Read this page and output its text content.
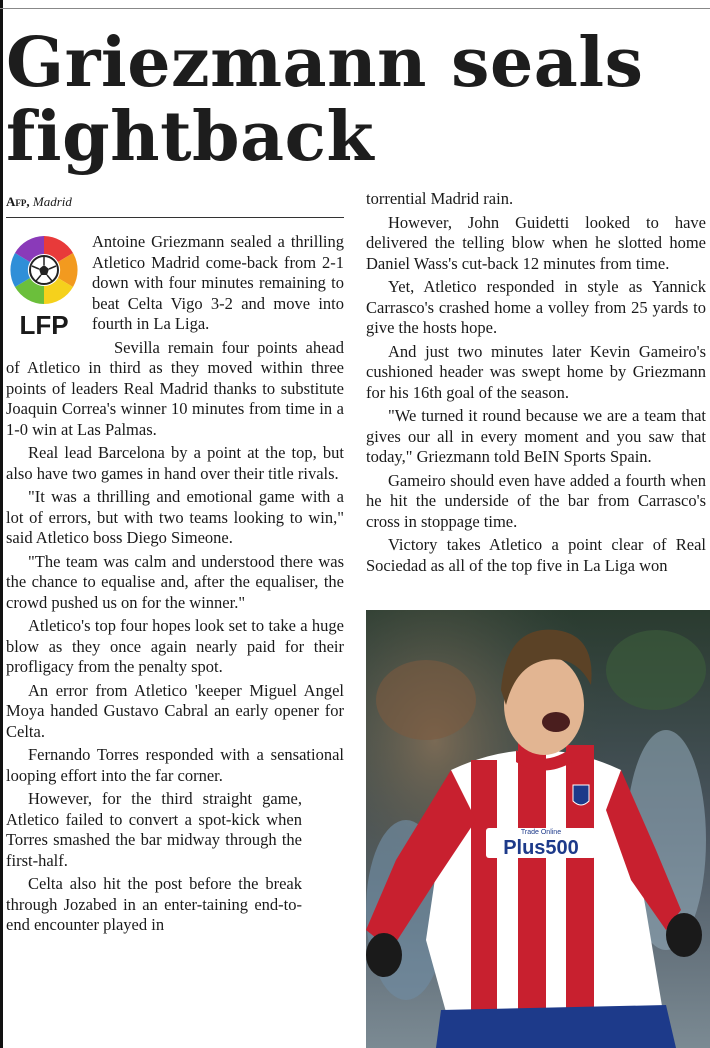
Griezmann seals fightback
Afp, Madrid
LFP

Antoine Griezmann sealed a thrilling Atletico Madrid come-back from 2-1 down with four minutes remaining to beat Celta Vigo 3-2 and move into fourth in La Liga.

Sevilla remain four points ahead of Atletico in third as they moved within three points of leaders Real Madrid thanks to substitute Joaquin Correa's winner 10 minutes from time in a 1-0 win at Las Palmas.

Real lead Barcelona by a point at the top, but also have two games in hand over their title rivals.

"It was a thrilling and emotional game with a lot of errors, but with two teams looking to win," said Atletico boss Diego Simeone.

"The team was calm and understood there was the chance to equalise and, after the equaliser, the crowd pushed us on for the winner."

Atletico's top four hopes look set to take a huge blow as they once again nearly paid for their profligacy from the penalty spot.

An error from Atletico 'keeper Miguel Angel Moya handed Gustavo Cabral an early opener for Celta.

Fernando Torres responded with a sensational looping effort into the far corner.

However, for the third straight game, Atletico failed to convert a spot-kick when Torres smashed the bar midway through the first-half.

Celta also hit the post before the break through Jozabed in an enter-taining end-to-end encounter played in

torrential Madrid rain.

However, John Guidetti looked to have delivered the telling blow when he slotted home Daniel Wass's cut-back 12 minutes from time.

Yet, Atletico responded in style as Yannick Carrasco's crashed home a volley from 25 yards to give the hosts hope.

And just two minutes later Kevin Gameiro's cushioned header was swept home by Griezmann for his 16th goal of the season.

"We turned it round because we are a team that gives our all in every moment and you saw that today," Griezmann told BeIN Sports Spain.

Gameiro should even have added a fourth when he hit the underside of the bar from Carrasco's cross in stoppage time.

Victory takes Atletico a point clear of Real Sociedad as all of the top five in La Liga won

Trade Online
Plus500
